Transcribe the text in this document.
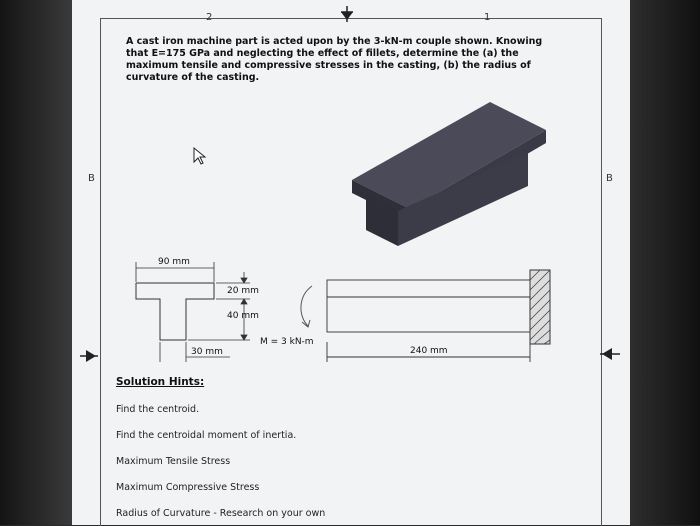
2	1
B	B
A cast iron machine part is acted upon by the 3-kN-m couple shown. Knowing that E=175 GPa and neglecting the effect of fillets, determine the (a) the maximum tensile and compressive stresses in the casting, (b) the radius of curvature of the casting.
90 mm
20 mm
40 mm
30 mm
M = 3 kN-m
240 mm
Solution Hints:
Find the centroid.
Find the centroidal moment of inertia.
Maximum Tensile Stress
Maximum Compressive Stress
Radius of Curvature - Research on your own
